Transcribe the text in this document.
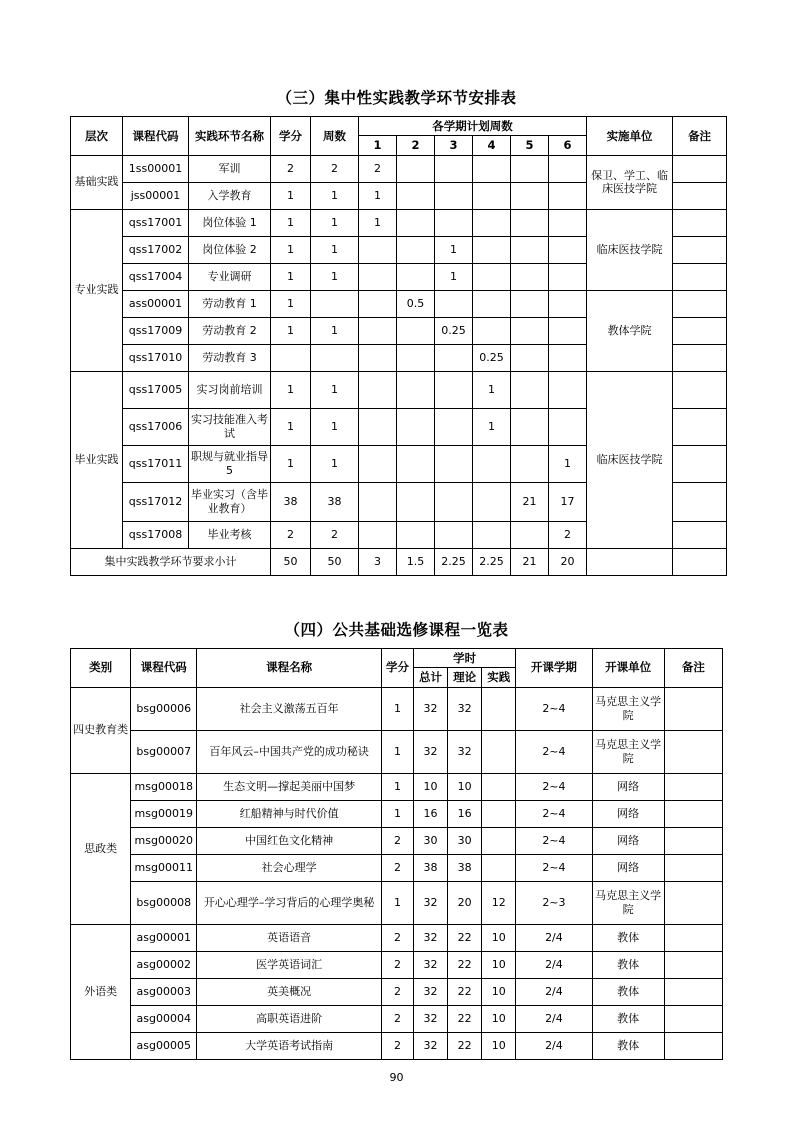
（三）集中性实践教学环节安排表
层次	课程代码	实践环节名称	学分	周数	各学期计划周数						实施单位	备注
					1	2	3	4	5	6		
基础实践	1ss00001	军训	2	2	2						保卫、学工、临床医技学院	
	jss00001	入学教育	1	1	1							
专业实践	qss17001	岗位体验 1	1	1	1						临床医技学院	
	qss17002	岗位体验 2	1	1			1					
	qss17004	专业调研	1	1			1					
	ass00001	劳动教育 1	1			0.5					教体学院	
	qss17009	劳动教育 2	1	1			0.25					
	qss17010	劳动教育 3						0.25				
毕业实践	qss17005	实习岗前培训	1	1				1			临床医技学院	
	qss17006	实习技能准入考试	1	1				1				
	qss17011	职规与就业指导 5	1	1						1		
	qss17012	毕业实习（含毕业教育）	38	38					21	17		
	qss17008	毕业考核	2	2						2		
集中实践教学环节要求小计			50	50	3	1.5	2.25	2.25	21	20		
（四）公共基础选修课程一览表
类别	课程代码	课程名称	学分	学时			开课学期	开课单位	备注
				总计	理论	实践			
四史教育类	bsg00006	社会主义激荡五百年	1	32	32		2~4	马克思主义学院	
	bsg00007	百年风云–中国共产党的成功秘诀	1	32	32		2~4	马克思主义学院	
思政类	msg00018	生态文明—撑起美丽中国梦	1	10	10		2~4	网络	
	msg00019	红船精神与时代价值	1	16	16		2~4	网络	
	msg00020	中国红色文化精神	2	30	30		2~4	网络	
	msg00011	社会心理学	2	38	38		2~4	网络	
	bsg00008	开心心理学–学习背后的心理学奥秘	1	32	20	12	2~3	马克思主义学院	
外语类	asg00001	英语语音	2	32	22	10	2/4	教体	
	asg00002	医学英语词汇	2	32	22	10	2/4	教体	
	asg00003	英美概况	2	32	22	10	2/4	教体	
	asg00004	高职英语进阶	2	32	22	10	2/4	教体	
	asg00005	大学英语考试指南	2	32	22	10	2/4	教体	
90
